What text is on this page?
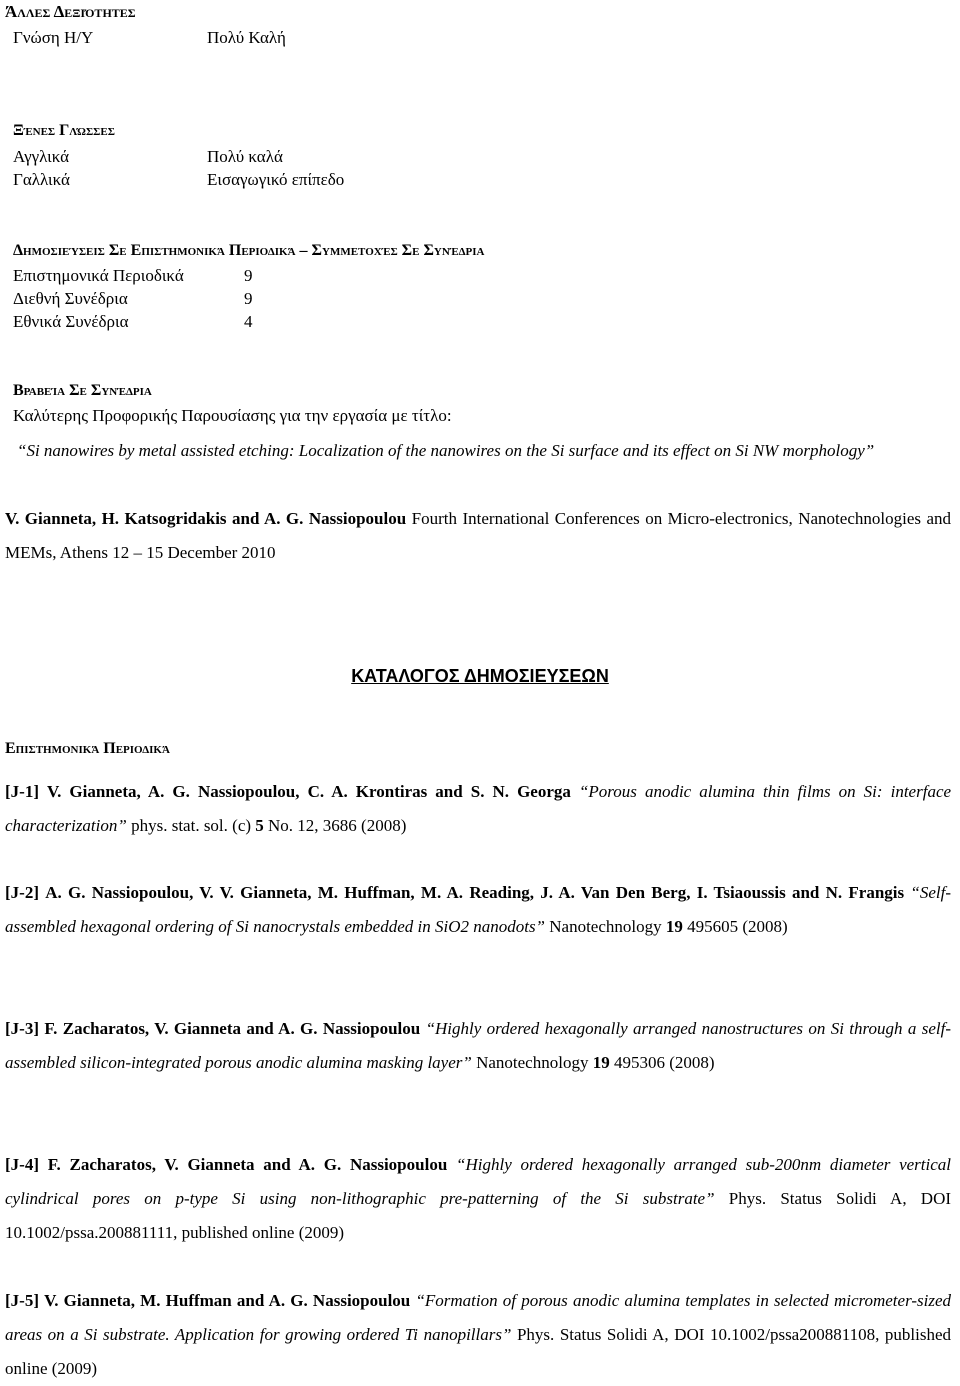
Άλλες Δεξιότητες
Γνώση Η/Υ	Πολύ Καλή
Ξένες Γλώσσες
Αγγλικά	Πολύ καλά
Γαλλικά	Εισαγωγικό επίπεδο
Δημοσιεύσεις Σε Επιστημονικά Περιοδικά – Συμμετοχές Σε Συνέδρια
Επιστημονικά Περιοδικά	9
Διεθνή Συνέδρια	9
Εθνικά Συνέδρια	4
Βραβεία Σε Συνέδρια
Καλύτερης Προφορικής Παρουσίασης για την εργασία με τίτλο:
“Si nanowires by metal assisted etching: Localization of the nanowires on the Si surface and its effect on Si NW morphology”
V. Gianneta, H. Katsogridakis and A. G. Nassiopoulou Fourth International Conferences on Micro-electronics, Nanotechnologies and MEMs, Athens 12 – 15 December 2010
ΚΑΤΑΛΟΓΟΣ ΔΗΜΟΣΙΕΥΣΕΩΝ
Επιστημονικά Περιοδικά
[J-1] V. Gianneta, A. G. Nassiopoulou, C. A. Krontiras and S. N. Georga “Porous anodic alumina thin films on Si: interface characterization” phys. stat. sol. (c) 5 No. 12, 3686 (2008)
[J-2] A. G. Nassiopoulou, V. V. Gianneta, M. Huffman, M. A. Reading, J. A. Van Den Berg, I. Tsiaoussis and N. Frangis “Self-assembled hexagonal ordering of Si nanocrystals embedded in SiO2 nanodots” Nanotechnology 19 495605 (2008)
[J-3] F. Zacharatos, V. Gianneta and A. G. Nassiopoulou “Highly ordered hexagonally arranged nanostructures on Si through a self-assembled silicon-integrated porous anodic alumina masking layer” Nanotechnology 19 495306 (2008)
[J-4] F. Zacharatos, V. Gianneta and A. G. Nassiopoulou “Highly ordered hexagonally arranged sub-200nm diameter vertical cylindrical pores on p-type Si using non-lithographic pre-patterning of the Si substrate” Phys. Status Solidi A, DOI 10.1002/pssa.200881111, published online (2009)
[J-5] V. Gianneta, M. Huffman and A. G. Nassiopoulou “Formation of porous anodic alumina templates in selected micrometer-sized areas on a Si substrate. Application for growing ordered Ti nanopillars” Phys. Status Solidi A, DOI 10.1002/pssa200881108, published online (2009)
